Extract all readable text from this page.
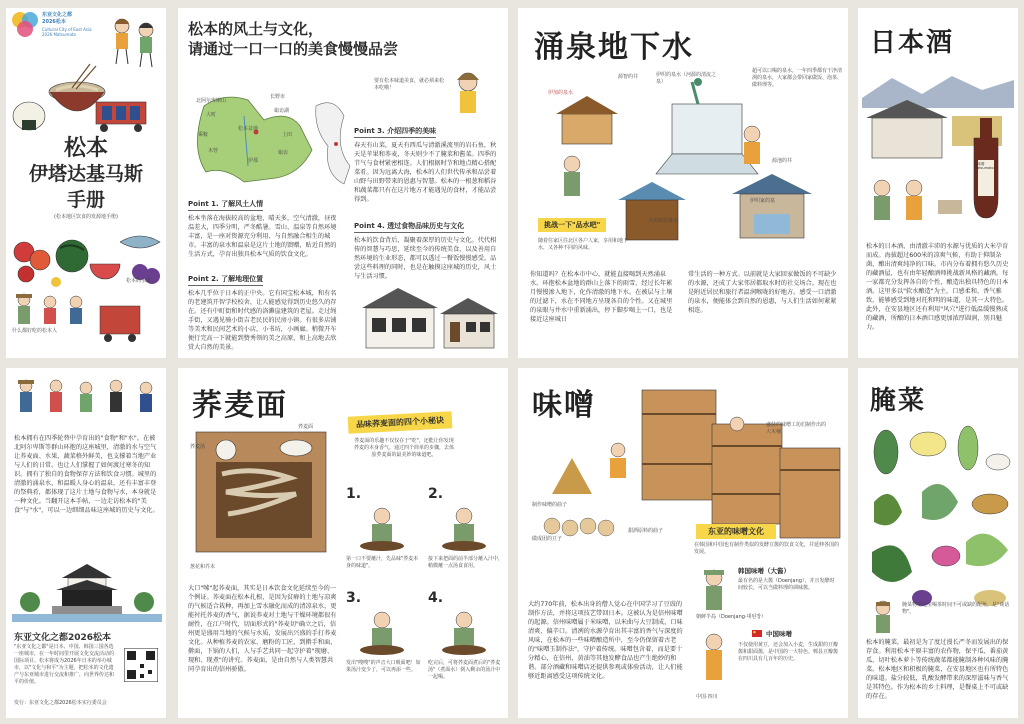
东亚文化之都
2026松本
Cultural City of East Asia 2026 Matsumoto
松本
伊塔达基马斯
手册
(松本地区饮食的发源地手册)
什么都好吃的松本人
松本的水果
松本的风土与文化，
请通过一口一口的美食慢慢品尝
北阿尔卑斯山
大町
松本盆地
诹访湖
上田
木曾
伊那
诹访
长野市
乘鞍
Point 1. 了解风土人情
松本坐落在海拔较高的盆地，晴天多，空气清澈，昼夜温差大，四季分明，严冬酷暑。雪山、温泉等自然环境丰富，是一座对资源充分利用、与自然融合相生的城市。丰富的泉水和温泉是这片土地的馈赠，贴近自然的生活方式，孕育出独具松本气质的饮食文化。
Point 2. 了解地理位置
松本几乎位于日本的正中央。它有国宝松本城，和有名的老建筑开智学校校舍，让人能感觉得到历史悠久的存在。还有中町街和时代感的洛濑崖建筑的老屋。走过绳手街，又遇见骑小街吉老民民的民房小镇。有很多店铺等美术和民间艺术的小店，小书坊，小画廊。稍微开车便行完高一下就能到赞秀领的美之高原，和上高地去欣赏大自然的美景。
要有松本味道美食，就必须来松本吃哦！
Point 3. 介绍四季的美味
春天有山菜，夏天有西瓜与清澈溪流里的岩石鱼，秋天是苹果和荞麦，冬天则少不了腌菜和酱菜。四季的节气与食材紧密相连。人们根据时节和地点精心搭配菜肴。因为远离大海，松本的人们世代传承和品尝着山野与田野带来的恩惠与智慧。松本的一根葱和稻谷和蔬菜都只有在这片地方才能遇见的食材，才能品尝得到。
Point 4. 透过食物品味历史与文化
松本的饮食背后，凝聚着深厚的历史与文化。代代相传的智慧与巧思，延续至今的传统美食，以及善用自然环境的生业形态，都可以透过一餐饭慢慢感受。品尝这些料理的同时，也是在触摸这座城的历史，风土与生活习惯。
涌泉地下水
超可以口喝的泉水，一年四季都有干净清冽的泉水，大家都会带回家做饭、泡茶、做料理等。
伊加的泉水
源智的井	伊织的泉水（河源的清流之泉）
源池的井
伊织家的泉
大名町的泉水
挑战一下"品水吧"
随着住家区往北区各户人家，享用和地下水，又各种不同的风味。
你知道吗？在松本市中心，就能直接喝到天然涌泉水。环抱松本盆地的群山上落下的雨雪，经过长年累月慢慢渗入地下，化作清澈的地下水。在被层与土壤的过滤下，水在不同地方呈现各自的个性。又在城里的泉眼与井水中重新涌出，停下脚步喝上一口，也是接近这座城日
常生活的一种方式。以前就是大家回家做饭的不可缺少的水源，还成了大家邻居都取水时的社交场合。现在也是附近居民和旅行者温润喉咙的好地方。感受一口清澈的泉水，便能体会到自然的恩惠，与人们生活如何紧紧相连。
日本酒
本味噌
Matsumoto
松本的日本酒，由清澈丰沛的水源与优质的大米孕育而成。海拔超过600米的凉爽气候，有助于抑制杂菌，酿出清爽纯净的口味。市内分布着拥有悠久历史的藏酒屋，也有由年轻酿酒师挑战新风格的藏酒。每一家都充分发挥各自的个性，酿造出独具特色的日本酒。这里多以"软水酿造"为主，口感柔和、香气雅致，能够感受到地对托和明的味道，是其一大特色。此外，在安昙地区还有利用"风穴"进行低温缓慢熟成的藏酒，所酿的日本酒口感更加浓厚圆润，别具魅力。
松本拥有在四季轮替中孕育出的"食物"和"水"。在被北阿尔卑斯等群山环抱的这座城里，清澈的水与空气让荞麦面、水果、蔬菜格外鲜美，也支撑着当地产业与人们的日常。也让人们掌握了如何渡过寒冬的知识。拥有了独自的食物保存方法和饮食习惯。城里的清澈的涌泉水，和温暖人身心的温泉，还有丰富丰登的祭典肴，都体现了这片土地与食物与水，本身就是一种文化。当翻开这本手帖，一边走访松本的"美食"与"水"，可以一边细细品味这座城的历史与文化。
东亚文化之都2026松本
"东亚文化之都"是日本、中国、韩国三国各选一座城市，在一年时间里开展文化交流活动的国际项目。松本将成为2026年日本的举办城市，以"文化与和平"为主题，把松本的文化遗产与东亚城市进行交流和推广，向世界传达和平的价值。
发行：东亚文化之都2026松本实行委员会
荞麦面
荞麦面
荞麦汤
葱花和芥末
品味荞麦面的四个小秘诀
荞麦面的乐趣不仅仅在于"吃"，还能让你发现荞麦的本身香气。通过四个简单的步骤，去体验荞麦面的最美妙的味道吧。
1.	2.
3.	4.
第一口不要蘸汁，先品味"荞麦本身的味道"。
接下来把面的前半部分蘸入汁中，稍微蘸一点汤食食用。
发出"嗖嗖"的声音大口吸面吧！如果汤汁变少了，可以再添一些。
吃完后，可将荞麦面煮后的"荞麦汤"（煮面水）倒入剩余的汤汁中一起喝。
大口"嗦"起荞麦面，其实是日本饮食文化延续至今的一个例证。荞麦面在松本扎根，是因为贫瘠的土地与凉爽的气候适合栽种，再加上雪水融化而成的清凉泉水，更能衬托荞麦的香气，据说荞麦对土地与干燥环境都很有耐性，在江户时代，切面形式的"荞麦切"确立之后，信州更是盛用当地的气候与水质，发展出兴盛的手打荞麦文化。从种植荞麦的农家、磨粉的工匠，到擀手和面，擀面，下锅的人们，人与手艺共同一起守护着"现磨、现和、现煮"的讲究。荞麦面，是由自然与人类智慧共同孕育出的信州骄傲。
味噌
盛装的味噌工坊们制作出的大木桶
制作味噌的曲子
做成团的豆子
甜酒原料的曲子	东亚的味噌文化
在韩国和中国也有制作类似的发酵豆酱的饮食文化，并延伸各国的发展。
韩国味噌（大酱）
最有名的是大酱（Doenjang），并且发酵时间较长，可以当做料理的调味酱。
朝鲜半岛（Doenjang·대된장）
中国味噌
不仅使用黄豆，还会加入小麦，生成甜的豆瓣酱和甜面酱，是中国的一大特色。郫县豆瓣酱在四川具有几百年的历史。
中国·四川
大约770年前，松本出身的僧人觉心在中国学习了豆豉的制作方法，并将这项技艺带回日本。这被认为是信州味噌的起源。信州味噌属于米味噌，以米曲与大豆制成，口味清爽、偏辛口。清冽的水源孕育出其丰富的香气与深度的风味，在松本的一些味噌酿造所中，至今仍保留着古老的"味噌玉制作法"，守护着传统。味噌包含着，而是要十分精心，在信州，黄油等其他发酵食品也产生绝妙的和谐。部分酒藏和味噌店还提供参观或体验活动，让人们能够近距离感受这项传统文化。
腌菜
腌菜物是这里喝茶时间不可或缺的配角，是"谈话物"。
松本的腌菜，最初是为了度过漫长严冬而发展出的保存食。利用松本平原丰富的农作物，保平瓜、番茄黄瓜、切叶松本萝卜等传统蔬菜都能腌制各种风味的腌菜。松本地区和积极的腌菜，在安昙地区也有所特色的味道。盐分较低，乳酸发酵带来的深厚滋味与香气是其特色。作为松本的乡土料理，是餐桌上不可或缺的存在。
